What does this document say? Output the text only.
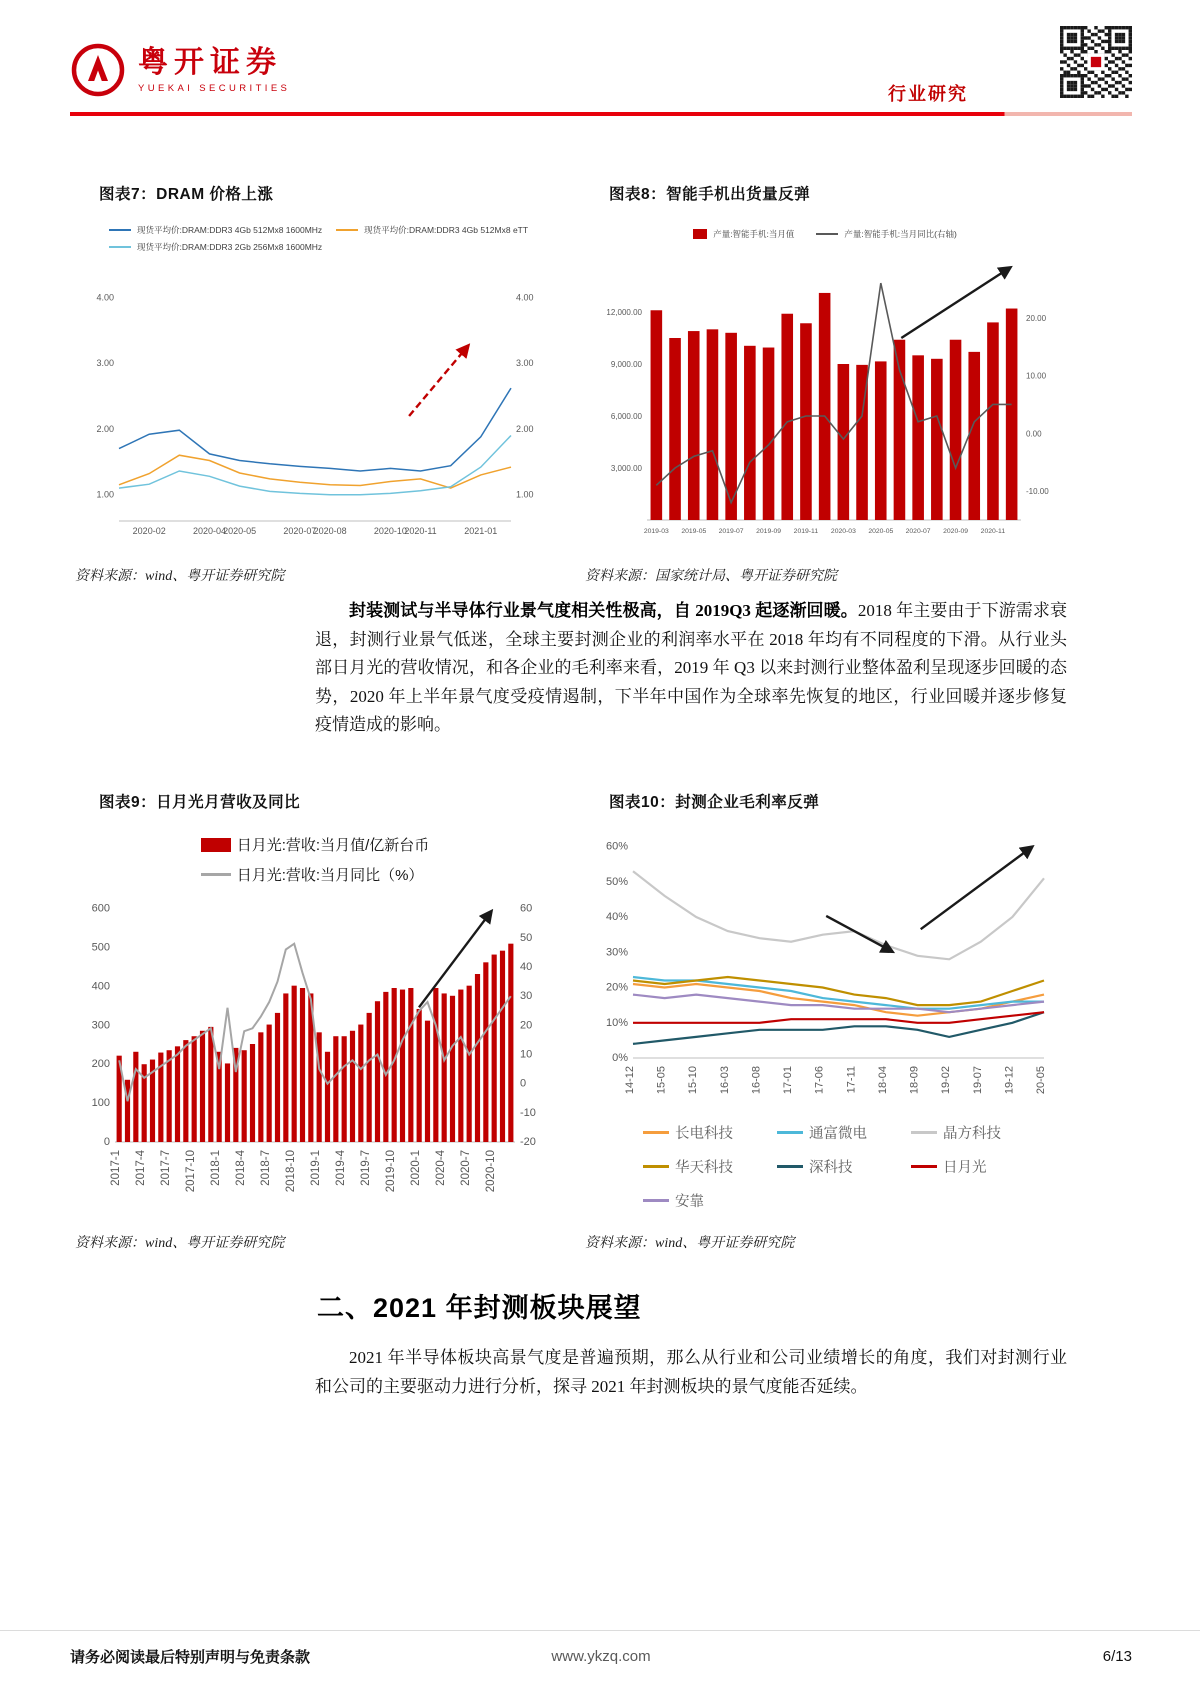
粤开证券
YUEKAI SECURITIES	行业研究
图表7：DRAM 价格上涨
现货平均价:DRAM:DDR3 4Gb 512Mx8 1600MHz	现货平均价:DRAM:DDR3 4Gb 512Mx8 eTT
现货平均价:DRAM:DDR3 2Gb 256Mx8 1600MHz
1.00
2.00
3.00
4.00
1.00
2.00
3.00
4.00
2020-02	2020-04
2020-05	2020-07
2020-08	2020-10
2020-11	2021-01
资料来源：wind、粤开证券研究院
图表8：智能手机出货量反弹
产量:智能手机:当月值	产量:智能手机:当月同比(右轴)
3,000.00
6,000.00
9,000.00
12,000.00
-10.00
0.00
10.00
20.00
2019-03 2019-05 2019-07 2019-09 2019-11 2020-03 2020-05 2020-07 2020-09 2020-11
资料来源：国家统计局、粤开证券研究院

封装测试与半导体行业景气度相关性极高，自 2019Q3 起逐渐回暖。2018 年主要由于下游需求衰退，封测行业景气低迷，全球主要封测企业的利润率水平在 2018 年均有不同程度的下滑。从行业头部日月光的营收情况，和各企业的毛利率来看，2019 年 Q3 以来封测行业整体盈利呈现逐步回暖的态势，2020 年上半年景气度受疫情遏制，下半年中国作为全球率先恢复的地区，行业回暖并逐步修复疫情造成的影响。

图表9：日月光月营收及同比
日月光:营收:当月值/亿新台币
日月光:营收:当月同比（%）
0
100
200
300
400
500
600
-20
-10
0
10
20
30
40
50
60
2017-1 2017-4 2017-7 2017-10 2018-1 2018-4 2018-7 2018-10 2019-1 2019-4 2019-7 2019-10 2020-1 2020-4 2020-7 2020-10
资料来源：wind、粤开证券研究院
图表10：封测企业毛利率反弹
0%
10%
20%
30%
40%
50%
60%
14-12 15-05 15-10 16-03 16-08 17-01 17-06 17-11 18-04 18-09 19-02 19-07 19-12 20-05
长电科技	通富微电	晶方科技
华天科技	深科技	日月光
安靠
资料来源：wind、粤开证券研究院
二、2021 年封测板块展望

2021 年半导体板块高景气度是普遍预期，那么从行业和公司业绩增长的角度，我们对封测行业和公司的主要驱动力进行分析，探寻 2021 年封测板块的景气度能否延续。

请务必阅读最后特别声明与免责条款	www.ykzq.com	6/13
